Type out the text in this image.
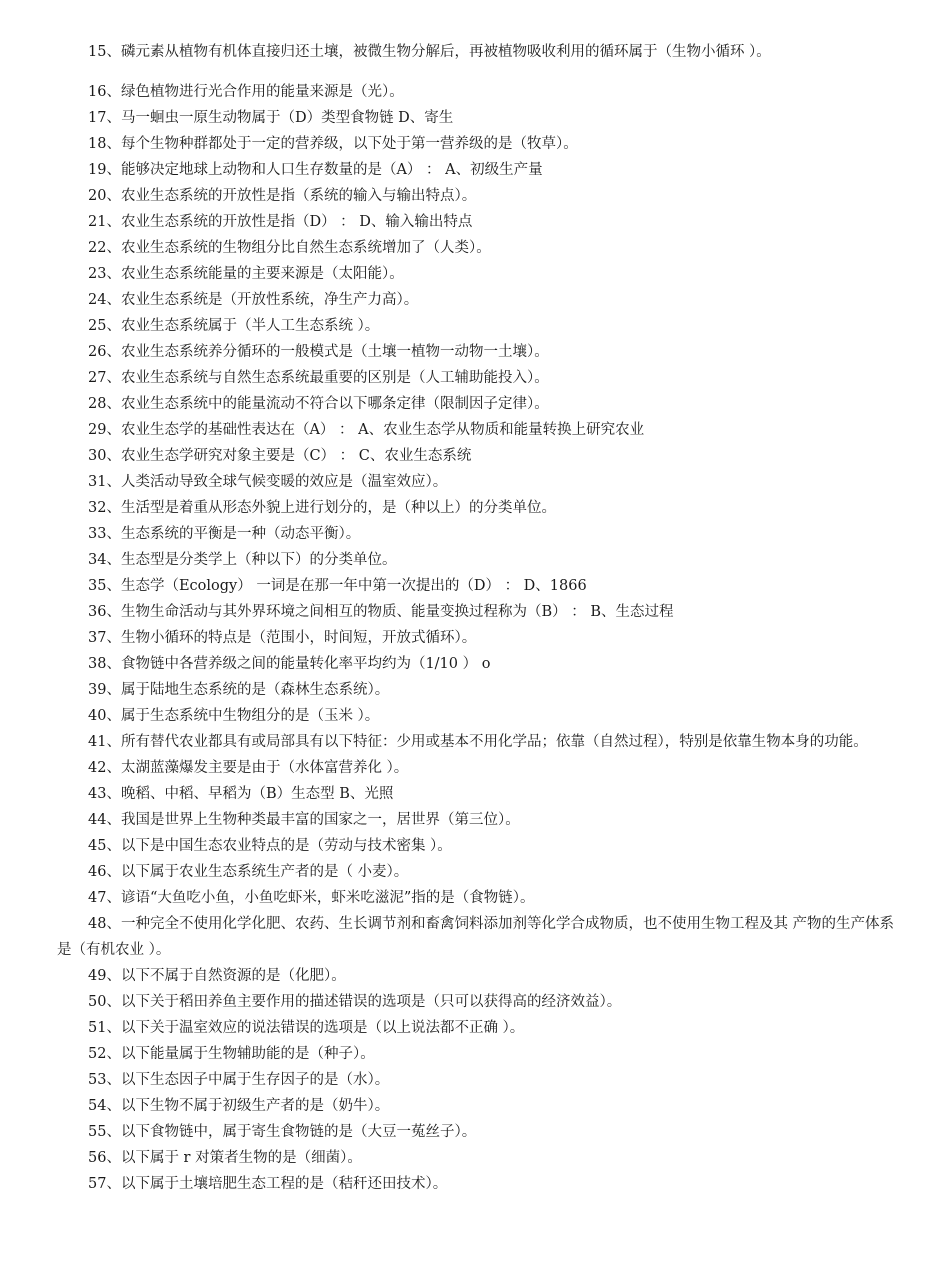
15、磷元素从植物有机体直接归还土壤，被微生物分解后，再被植物吸收利用的循环属于（生物小循环 ）。

16、绿色植物进行光合作用的能量来源是（光）。

17、马一蛔虫一原生动物属于（D）类型食物链 D、寄生

18、每个生物种群都处于一定的营养级，以下处于第一营养级的是（牧草）。

19、能够决定地球上动物和人口生存数量的是（A） ： A、初级生产量

20、农业生态系统的开放性是指（系统的输入与输出特点）。

21、农业生态系统的开放性是指（D） ： D、输入输出特点

22、农业生态系统的生物组分比自然生态系统增加了（人类）。

23、农业生态系统能量的主要来源是（太阳能）。

24、农业生态系统是（开放性系统，净生产力高）。

25、农业生态系统属于（半人工生态系统 ）。

26、农业生态系统养分循环的一般模式是（土壤一植物一动物一土壤）。

27、农业生态系统与自然生态系统最重要的区别是（人工辅助能投入）。

28、农业生态系统中的能量流动不符合以下哪条定律（限制因子定律）。

29、农业生态学的基础性表达在（A） ： A、农业生态学从物质和能量转换上研究农业

30、农业生态学研究对象主要是（C） ： C、农业生态系统

31、人类活动导致全球气候变暖的效应是（温室效应）。

32、生活型是着重从形态外貌上进行划分的，是（种以上）的分类单位。

33、生态系统的平衡是一种（动态平衡）。

34、生态型是分类学上（种以下）的分类单位。

35、生态学（Ecology） 一词是在那一年中第一次提出的（D） ： D、1866

36、生物生命活动与其外界环境之间相互的物质、能量变换过程称为（B） ： B、生态过程

37、生物小循环的特点是（范围小，时间短，开放式循环）。

38、食物链中各营养级之间的能量转化率平均约为（1/10 ） o

39、属于陆地生态系统的是（森林生态系统）。

40、属于生态系统中生物组分的是（玉米 ）。

41、所有替代农业都具有或局部具有以下特征：少用或基本不用化学品；依靠（自然过程），特别是依靠生物本身的功能。

42、太湖蓝藻爆发主要是由于（水体富营养化 ）。

43、晚稻、中稻、早稻为（B）生态型 B、光照

44、我国是世界上生物种类最丰富的国家之一，居世界（第三位）。

45、以下是中国生态农业特点的是（劳动与技术密集 ）。

46、以下属于农业生态系统生产者的是（ 小麦）。

47、谚语“大鱼吃小鱼，小鱼吃虾米，虾米吃滋泥”指的是（食物链）。

48、一种完全不使用化学化肥、农药、生长调节剂和畜禽饲料添加剂等化学合成物质，也不使用生物工程及其 产物的生产体系是（有机农业 ）。

49、以下不属于自然资源的是（化肥）。

50、以下关于稻田养鱼主要作用的描述错误的选项是（只可以获得高的经济效益）。

51、以下关于温室效应的说法错误的选项是（以上说法都不正确 ）。

52、以下能量属于生物辅助能的是（种子）。

53、以下生态因子中属于生存因子的是（水）。

54、以下生物不属于初级生产者的是（奶牛）。

55、以下食物链中，属于寄生食物链的是（大豆一菟丝子）。

56、以下属于 r 对策者生物的是（细菌）。

57、以下属于土壤培肥生态工程的是（秸秆还田技术）。
